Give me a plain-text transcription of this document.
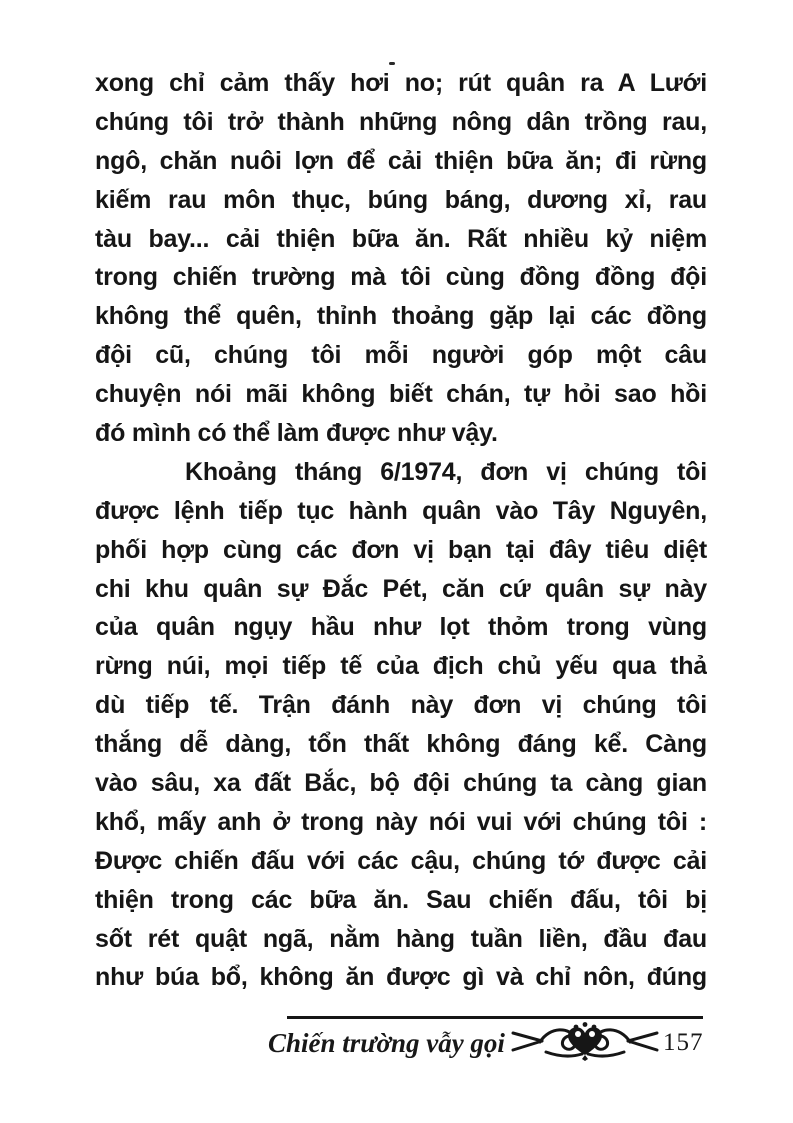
xong chỉ cảm thấy hơi no; rút quân ra A Lưới
chúng tôi trở thành những nông dân trồng rau,
ngô, chăn nuôi lợn để cải thiện bữa ăn; đi rừng
kiếm rau môn thục, búng báng, dương xỉ, rau
tàu bay... cải thiện bữa ăn. Rất nhiều kỷ niệm
trong chiến trường mà tôi cùng đồng đồng đội
không thể quên, thỉnh thoảng gặp lại các đồng
đội cũ, chúng tôi mỗi người góp một câu
chuyện nói mãi không biết chán, tự hỏi sao hồi
đó mình có thể làm được như vậy.
Khoảng tháng 6/1974, đơn vị chúng tôi
được lệnh tiếp tục hành quân vào Tây Nguyên,
phối hợp cùng các đơn vị bạn tại đây tiêu diệt
chi khu quân sự Đắc Pét, căn cứ quân sự này
của quân ngụy hầu như lọt thỏm trong vùng
rừng núi, mọi tiếp tế của địch chủ yếu qua thả
dù tiếp tế. Trận đánh này đơn vị chúng tôi
thắng dễ dàng, tổn thất không đáng kể. Càng
vào sâu, xa đất Bắc, bộ đội chúng ta càng gian
khổ, mấy anh ở trong này nói vui với chúng tôi :
Được chiến đấu với các cậu, chúng tớ được cải
thiện trong các bữa ăn. Sau chiến đấu, tôi bị
sốt rét quật ngã, nằm hàng tuần liền, đầu đau
như búa bổ, không ăn được gì và chỉ nôn, đúng
Chiến trường vẫy gọi	157
